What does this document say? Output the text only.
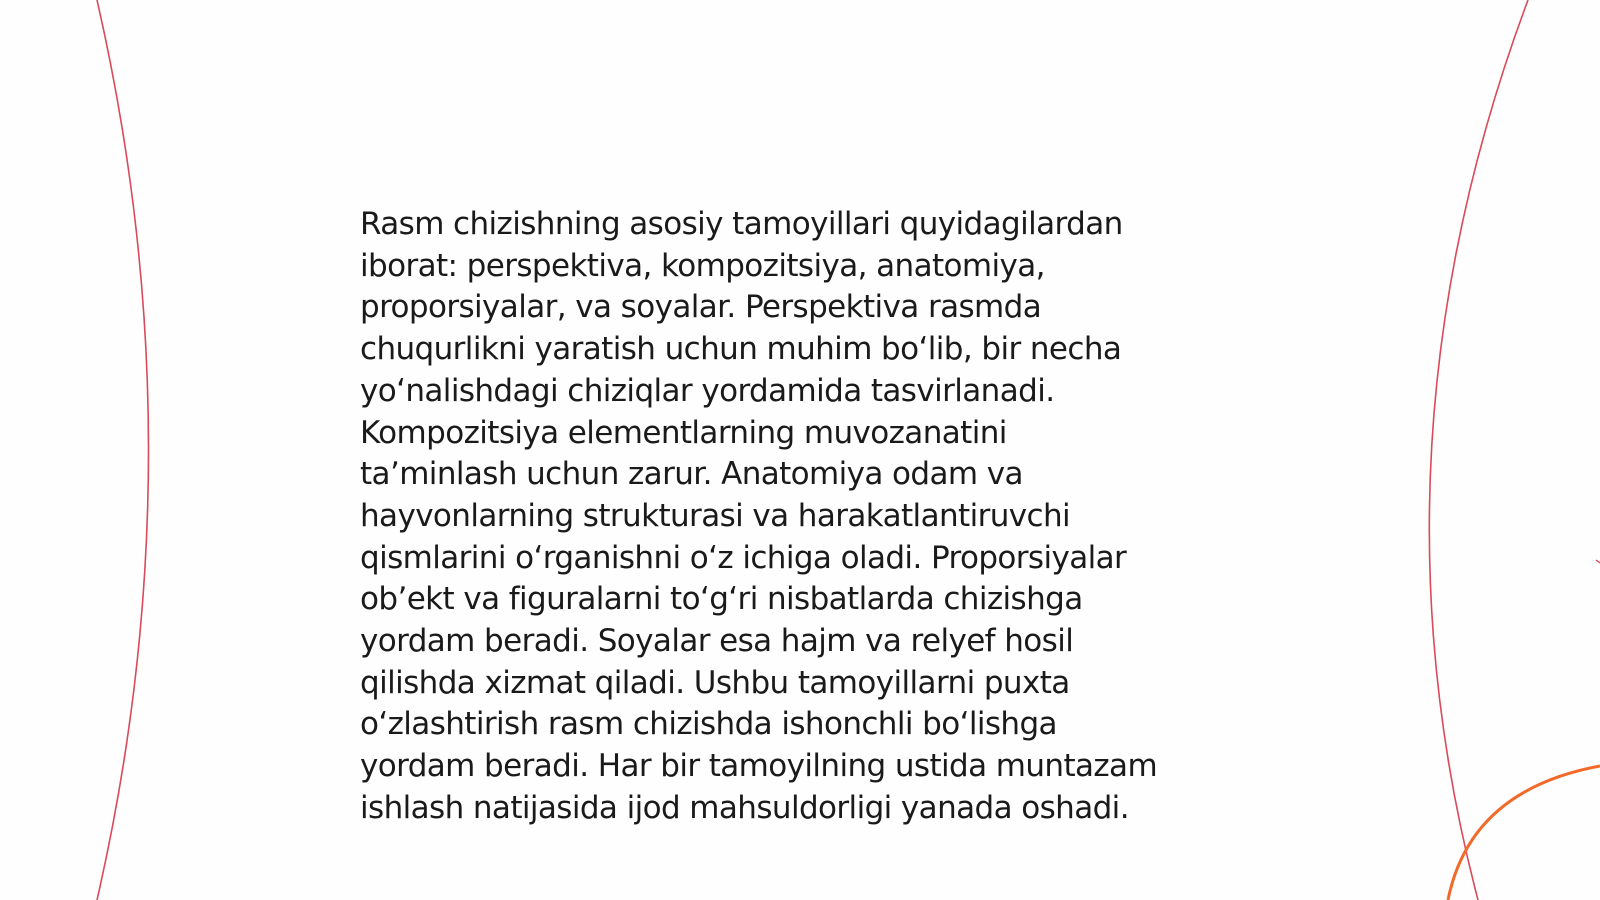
Rasm chizishning asosiy tamoyillari quyidagilardan
iborat: perspektiva, kompozitsiya, anatomiya,
proporsiyalar, va soyalar. Perspektiva rasmda
chuqurlikni yaratish uchun muhim bo‘lib, bir necha
yo‘nalishdagi chiziqlar yordamida tasvirlanadi.
Kompozitsiya elementlarning muvozanatini
ta’minlash uchun zarur. Anatomiya odam va
hayvonlarning strukturasi va harakatlantiruvchi
qismlarini o‘rganishni o‘z ichiga oladi. Proporsiyalar
ob’ekt va figuralarni to‘g‘ri nisbatlarda chizishga
yordam beradi. Soyalar esa hajm va relyef hosil
qilishda xizmat qiladi. Ushbu tamoyillarni puxta
o‘zlashtirish rasm chizishda ishonchli bo‘lishga
yordam beradi. Har bir tamoyilning ustida muntazam
ishlash natijasida ijod mahsuldorligi yanada oshadi.
